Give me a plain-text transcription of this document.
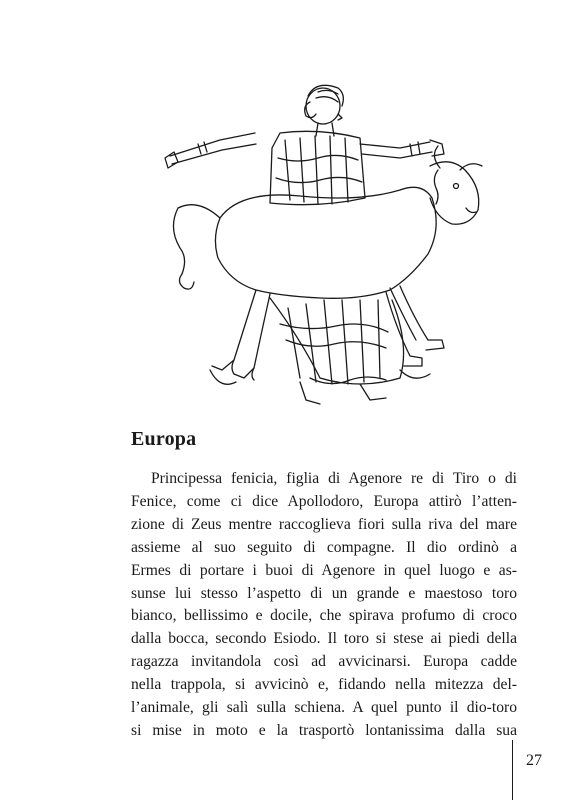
Europa

Principessa fenicia, figlia di Agenore re di Tiro o di
Fenice, come ci dice Apollodoro, Europa attirò l’atten-
zione di Zeus mentre raccoglieva fiori sulla riva del mare
assieme al suo seguito di compagne. Il dio ordinò a
Ermes di portare i buoi di Agenore in quel luogo e as-
sunse lui stesso l’aspetto di un grande e maestoso toro
bianco, bellissimo e docile, che spirava profumo di croco
dalla bocca, secondo Esiodo. Il toro si stese ai piedi della
ragazza invitandola così ad avvicinarsi. Europa cadde
nella trappola, si avvicinò e, fidando nella mitezza del-
l’animale, gli salì sulla schiena. A quel punto il dio-toro
si mise in moto e la trasportò lontanissima dalla sua

27
